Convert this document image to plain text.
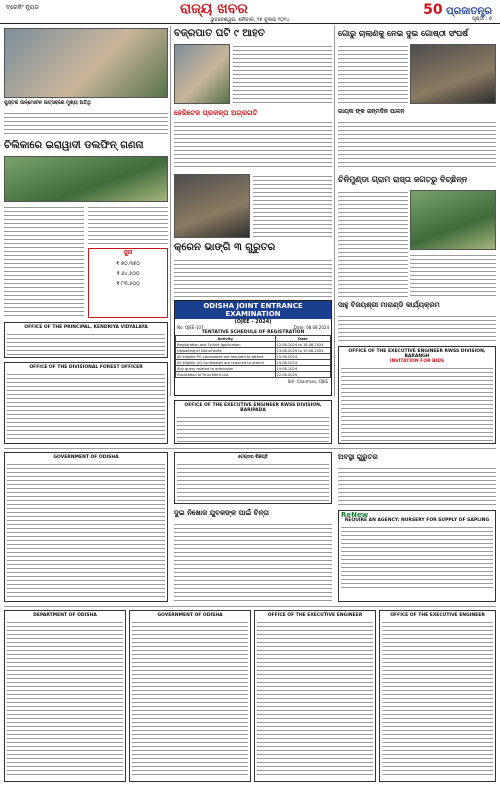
ବ୍ରେକିଂ ନ୍ୟୁଜ	ରାଜ୍ୟ ଖବର
ଭୁବନେଶ୍ୱର, ଶନିବାର, ୨୭ ଜୁଲାଇ ୨୦୨୪
50 ପ୍ରଜାତନ୍ତ୍ର
ପୃଷ୍ଠା : ୭
ପୁସ୍ତକ ଉନ୍ମୋଚନ ଉତ୍ସବରେ ମୁଖ୍ୟ ଅତିଥି
ଚିଲିକାରେ ଇରାୱାଦୀ ଡଲଫିନ୍ ଗଣନା
ସୁନା
₹ ୭୦,୩୭୦
₹ ୬୪,୫୦୦
₹ ୮୩,୫୦୦
ବଜ୍ରପାତ ଘଟି ୯ ଆହତ
ହେରିଟେଜ ପ୍ରକଳ୍ପ ଅଗ୍ରଗତି
ଗୋରୁ ଚାଲାଣକୁ ନେଇ ଦୁଇ ଗୋଷ୍ଠୀ ସଂଘର୍ଷ
ଗାୟକ ଙ୍କ ଜନ୍ମଦିନ ପାଳନ
କ୍ରେନ ଭାଙ୍ଗି ୩ ଗୁରୁତର
ଚିନିମୁଣ୍ଡା ଗ୍ରାମ ରାସ୍ତା ଜଗତରୁ ବିଚ୍ଛିନ୍ନ
ODISHA JOINT ENTRANCE EXAMINATION
(OJEE - 2024)
No: OJEE-107	Date: 08.08.2024
TENTATIVE SCHEDULE OF REGISTRATION
Activity	Date
Registration and Online Application	12.08.2024 to 18.08.2024
Uploading of Documents	13.08.2024 to 19.08.2024
All eligible PG candidates are required to attend	15.08.2024
All eligible UG candidates are required to attend	19.08.2024
Any query related to admission	19.08.2024
Publication of Final Merit List	22.08.2024
Sd/- Chairman, OJEE
OFFICE OF THE PRINCIPAL, KENDRIYA VIDYALAYA
OFFICE OF THE DIVISIONAL FOREST OFFICER
ସାହୁ ବିଜୟଶ୍ରୀ ମାରାଣ୍ଡି କାର୍ଯ୍ୟକ୍ରମ
OFFICE OF THE EXECUTIVE ENGINEER RWSS DIVISION, BARANGH
INVITATION FOR BIDS
OFFICE OF THE EXECUTIVE ENGINEER RWSS DIVISION, BARIPADA
GOVERNMENT OF ODISHA	ଟେଣ୍ଡର ବିଜ୍ଞପ୍ତି
ଦୁଇ ନିଖୋଜ ଯୁବକଙ୍କ ପାଇଁ ଚିନ୍ତା
ଅବସ୍ଥା ଗୁରୁତର
ReNew
REQUIRE AN AGENCY: NURSERY FOR SUPPLY OF SAPLING
DEPARTMENT OF ODISHA	GOVERNMENT OF ODISHA	OFFICE OF THE EXECUTIVE ENGINEER	OFFICE OF THE EXECUTIVE ENGINEER
